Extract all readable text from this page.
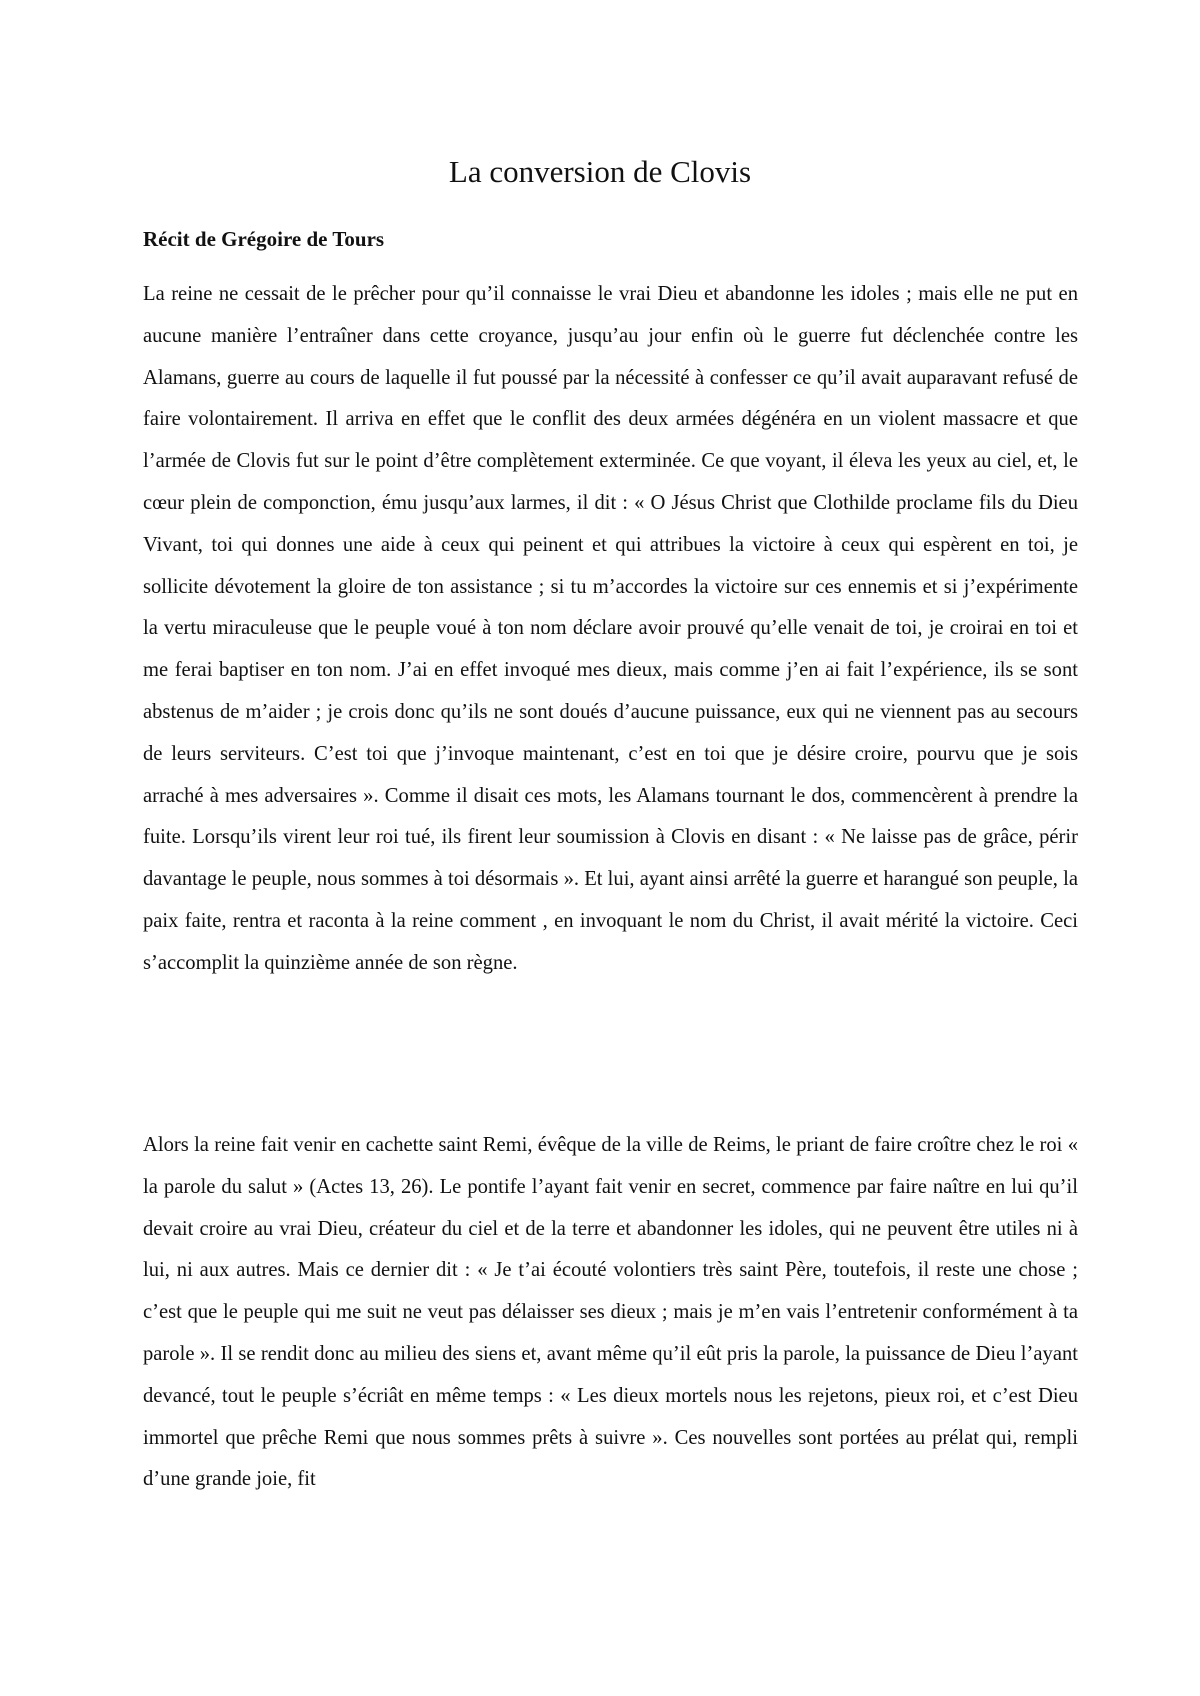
La conversion de Clovis
Récit de Grégoire de Tours

La reine ne cessait de le prêcher pour qu’il connaisse le vrai Dieu et abandonne les idoles ; mais elle ne put en aucune manière l’entraîner dans cette croyance, jusqu’au jour enfin où le guerre fut déclenchée contre les Alamans, guerre au cours de laquelle il fut poussé par la nécessité à confesser ce qu’il avait auparavant refusé de faire volontairement. Il arriva en effet que le conflit des deux armées dégénéra en un violent massacre et que l’armée de Clovis fut sur le point d’être complètement exterminée. Ce que voyant, il éleva les yeux au ciel, et, le cœur plein de componction, ému jusqu’aux larmes, il dit : « O Jésus Christ que Clothilde proclame fils du Dieu Vivant, toi qui donnes une aide à ceux qui peinent et qui attribues la victoire à ceux qui espèrent en toi, je sollicite dévotement la gloire de ton assistance ; si tu m’accordes la victoire sur ces ennemis et si j’expérimente la vertu miraculeuse que le peuple voué à ton nom déclare avoir prouvé qu’elle venait de toi, je croirai en toi et me ferai baptiser en ton nom. J’ai en effet invoqué mes dieux, mais comme j’en ai fait l’expérience, ils se sont abstenus de m’aider ; je crois donc qu’ils ne sont doués d’aucune puissance, eux qui ne viennent pas au secours de leurs serviteurs. C’est toi que j’invoque maintenant, c’est en toi que je désire croire, pourvu que je sois arraché à mes adversaires ». Comme il disait ces mots, les Alamans tournant le dos, commencèrent à prendre la fuite. Lorsqu’ils virent leur roi tué, ils firent leur soumission à Clovis en disant : « Ne laisse pas de grâce, périr davantage le peuple, nous sommes à toi désormais ». Et lui, ayant ainsi arrêté la guerre et harangué son peuple, la paix faite, rentra et raconta à la reine comment , en invoquant le nom du Christ, il avait mérité la victoire. Ceci s’accomplit la quinzième année de son règne.

Alors la reine fait venir en cachette saint Remi, évêque de la ville de Reims, le priant de faire croître chez le roi « la parole du salut » (Actes 13, 26). Le pontife l’ayant fait venir en secret, commence par faire naître en lui qu’il devait croire au vrai Dieu, créateur du ciel et de la terre et abandonner les idoles, qui ne peuvent être utiles ni à lui, ni aux autres. Mais ce dernier dit : « Je t’ai écouté volontiers très saint Père, toutefois, il reste une chose ; c’est que le peuple qui me suit ne veut pas délaisser ses dieux ; mais je m’en vais l’entretenir conformément à ta parole ». Il se rendit donc au milieu des siens et, avant même qu’il eût pris la parole, la puissance de Dieu l’ayant devancé, tout le peuple s’écriât en même temps : « Les dieux mortels nous les rejetons, pieux roi, et c’est Dieu immortel que prêche Remi que nous sommes prêts à suivre ». Ces nouvelles sont portées au prélat qui, rempli d’une grande joie, fit
